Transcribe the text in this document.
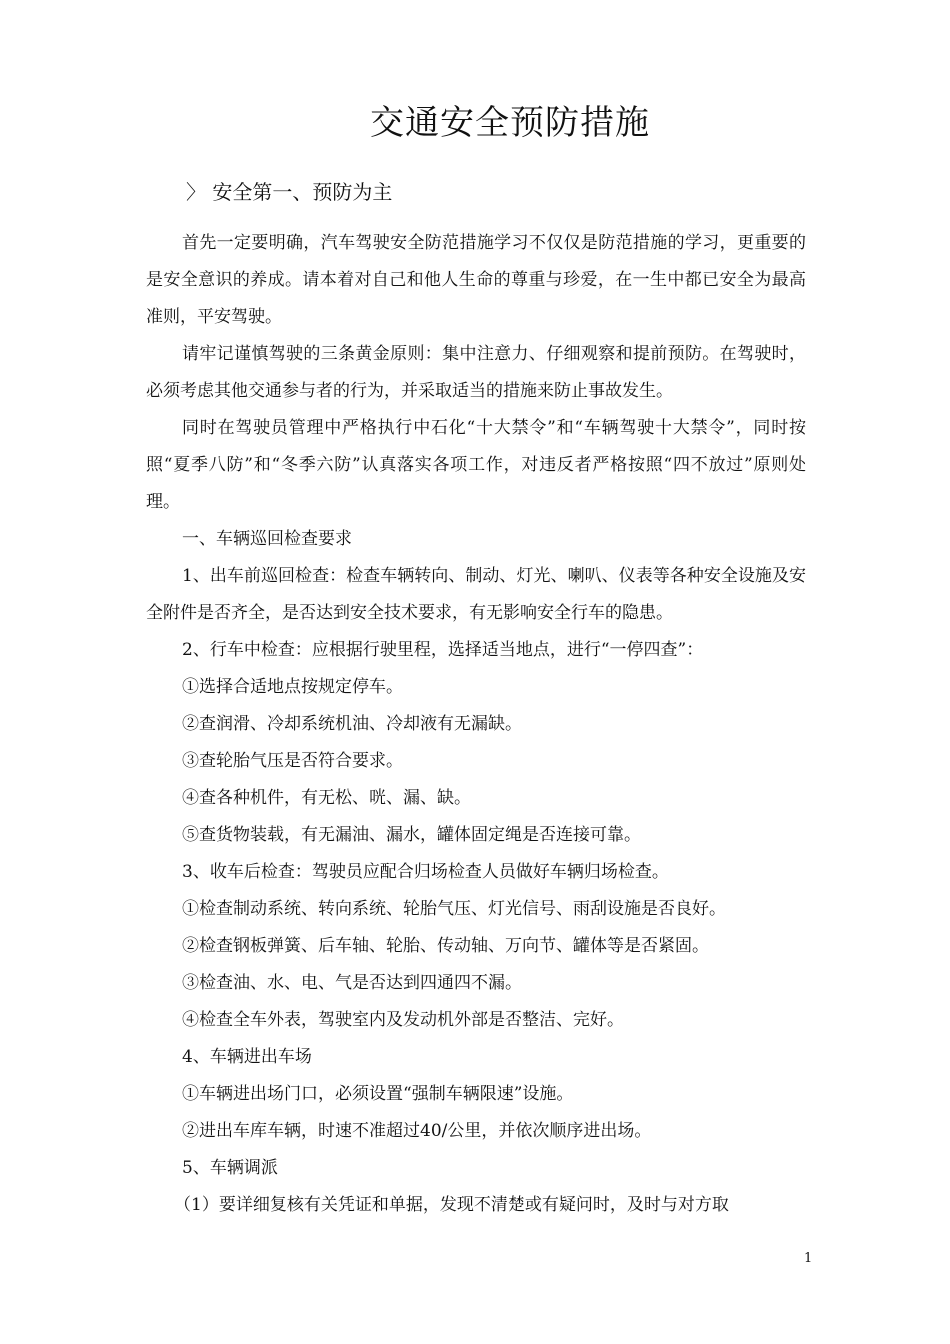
交通安全预防措施
〉 安全第一、预防为主

首先一定要明确，汽车驾驶安全防范措施学习不仅仅是防范措施的学习，更重要的是安全意识的养成。请本着对自己和他人生命的尊重与珍爱，在一生中都已安全为最高准则，平安驾驶。

请牢记谨慎驾驶的三条黄金原则：集中注意力、仔细观察和提前预防。在驾驶时，必须考虑其他交通参与者的行为，并采取适当的措施来防止事故发生。

同时在驾驶员管理中严格执行中石化“十大禁令”和“车辆驾驶十大禁令”，同时按照“夏季八防”和“冬季六防”认真落实各项工作，对违反者严格按照“四不放过”原则处理。

一、车辆巡回检查要求

1、出车前巡回检查：检查车辆转向、制动、灯光、喇叭、仪表等各种安全设施及安全附件是否齐全，是否达到安全技术要求，有无影响安全行车的隐患。

2、行车中检查：应根据行驶里程，选择适当地点，进行“一停四查”：

①选择合适地点按规定停车。

②查润滑、冷却系统机油、冷却液有无漏缺。

③查轮胎气压是否符合要求。

④查各种机件，有无松、咣、漏、缺。

⑤查货物装载，有无漏油、漏水，罐体固定绳是否连接可靠。

3、收车后检查：驾驶员应配合归场检查人员做好车辆归场检查。

①检查制动系统、转向系统、轮胎气压、灯光信号、雨刮设施是否良好。

②检查钢板弹簧、后车轴、轮胎、传动轴、万向节、罐体等是否紧固。

③检查油、水、电、气是否达到四通四不漏。

④检查全车外表，驾驶室内及发动机外部是否整洁、完好。

4、车辆进出车场

①车辆进出场门口，必须设置“强制车辆限速”设施。

②进出车库车辆，时速不准超过40/公里，并依次顺序进出场。

5、车辆调派

（1）要详细复核有关凭证和单据，发现不清楚或有疑问时，及时与对方取

1
